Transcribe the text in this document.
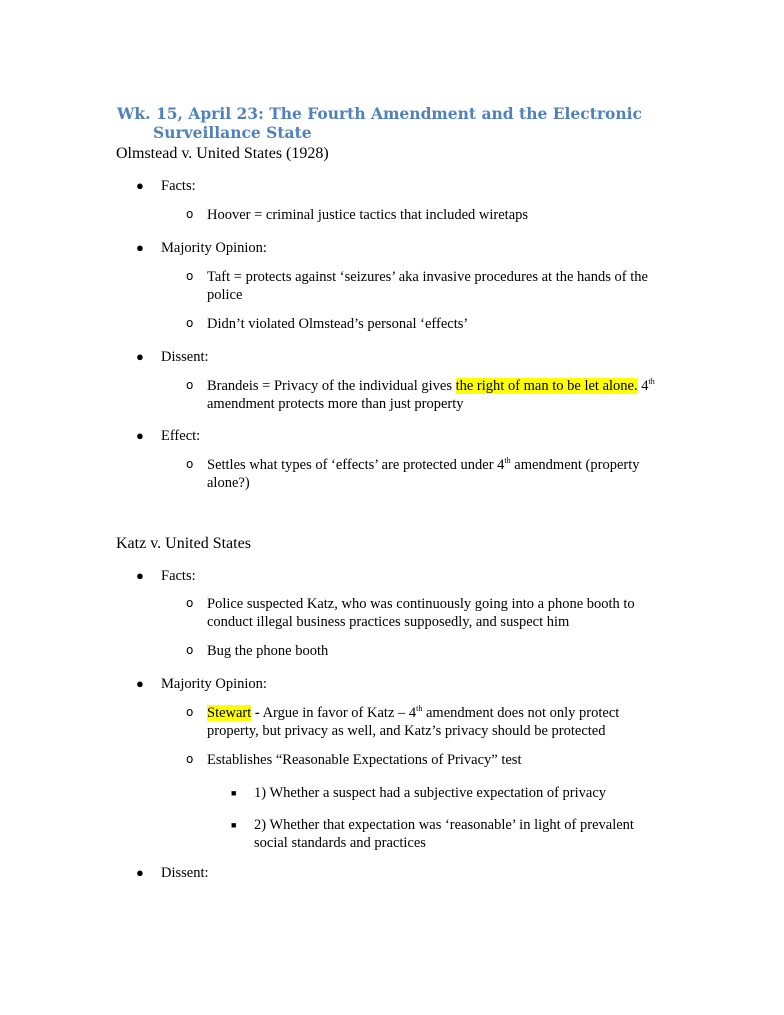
Wk. 15, April 23: The Fourth Amendment and the Electronic Surveillance State
Olmstead v. United States (1928)
●	Facts:
o Hoover = criminal justice tactics that included wiretaps
●	Majority Opinion:
o Taft = protects against ‘seizures’ aka invasive procedures at the hands of the police
o Didn’t violated Olmstead’s personal ‘effects’
●	Dissent:
o Brandeis = Privacy of the individual gives the right of man to be let alone. 4th amendment protects more than just property
●	Effect:
o Settles what types of ‘effects’ are protected under 4th amendment (property alone?)
Katz v. United States
●	Facts:
o Police suspected Katz, who was continuously going into a phone booth to conduct illegal business practices supposedly, and suspect him
o Bug the phone booth
●	Majority Opinion:
o Stewart - Argue in favor of Katz – 4th amendment does not only protect property, but privacy as well, and Katz’s privacy should be protected
o Establishes “Reasonable Expectations of Privacy” test
■ 1) Whether a suspect had a subjective expectation of privacy
■ 2) Whether that expectation was ‘reasonable’ in light of prevalent social standards and practices
●	Dissent:
